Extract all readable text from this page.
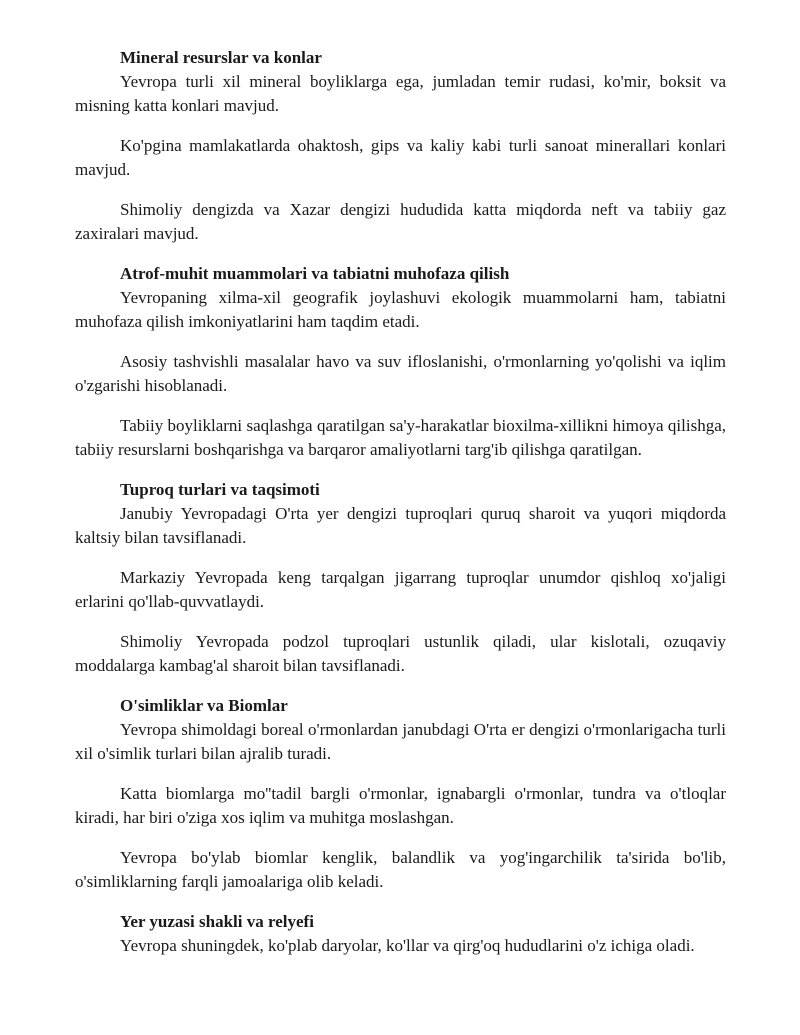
Mineral resurslar va konlar

Yevropa turli xil mineral boyliklarga ega, jumladan temir rudasi, ko'mir, boksit va misning katta konlari mavjud.

Ko'pgina mamlakatlarda ohaktosh, gips va kaliy kabi turli sanoat minerallari konlari mavjud.

Shimoliy dengizda va Xazar dengizi hududida katta miqdorda neft va tabiiy gaz zaxiralari mavjud.

Atrof-muhit muammolari va tabiatni muhofaza qilish

Yevropaning xilma-xil geografik joylashuvi ekologik muammolarni ham, tabiatni muhofaza qilish imkoniyatlarini ham taqdim etadi.

Asosiy tashvishli masalalar havo va suv ifloslanishi, o'rmonlarning yo'qolishi va iqlim o'zgarishi hisoblanadi.

Tabiiy boyliklarni saqlashga qaratilgan sa'y-harakatlar bioxilma-xillikni himoya qilishga, tabiiy resurslarni boshqarishga va barqaror amaliyotlarni targ'ib qilishga qaratilgan.

Tuproq turlari va taqsimoti

Janubiy Yevropadagi O'rta yer dengizi tuproqlari quruq sharoit va yuqori miqdorda kaltsiy bilan tavsiflanadi.

Markaziy Yevropada keng tarqalgan jigarrang tuproqlar unumdor qishloq xo'jaligi erlarini qo'llab-quvvatlaydi.

Shimoliy Yevropada podzol tuproqlari ustunlik qiladi, ular kislotali, ozuqaviy moddalarga kambag'al sharoit bilan tavsiflanadi.

O'simliklar va Biomlar

Yevropa shimoldagi boreal o'rmonlardan janubdagi O'rta er dengizi o'rmonlarigacha turli xil o'simlik turlari bilan ajralib turadi.

Katta biomlarga mo''tadil bargli o'rmonlar, ignabargli o'rmonlar, tundra va o'tloqlar kiradi, har biri o'ziga xos iqlim va muhitga moslashgan.

Yevropa bo'ylab biomlar kenglik, balandlik va yog'ingarchilik ta'sirida bo'lib, o'simliklarning farqli jamoalariga olib keladi.

Yer yuzasi shakli va relyefi

Yevropa shuningdek, ko'plab daryolar, ko'llar va qirg'oq hududlarini o'z ichiga oladi.
